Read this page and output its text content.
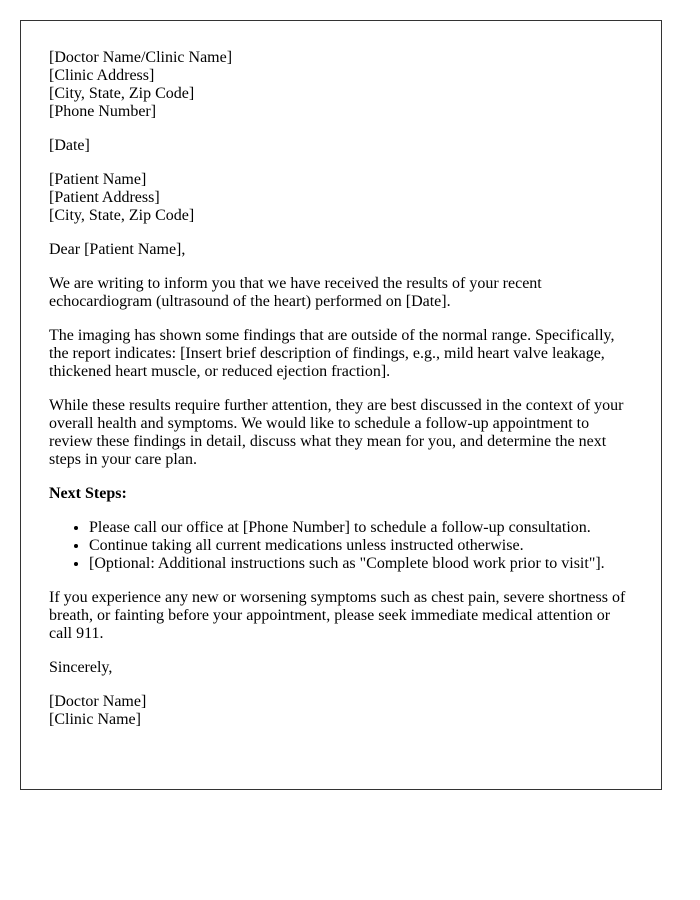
[Doctor Name/Clinic Name]
[Clinic Address]
[City, State, Zip Code]
[Phone Number]

[Date]

[Patient Name]
[Patient Address]
[City, State, Zip Code]

Dear [Patient Name],

We are writing to inform you that we have received the results of your recent echocardiogram (ultrasound of the heart) performed on [Date].

The imaging has shown some findings that are outside of the normal range. Specifically, the report indicates: [Insert brief description of findings, e.g., mild heart valve leakage, thickened heart muscle, or reduced ejection fraction].

While these results require further attention, they are best discussed in the context of your overall health and symptoms. We would like to schedule a follow-up appointment to review these findings in detail, discuss what they mean for you, and determine the next steps in your care plan.

Next Steps:

• Please call our office at [Phone Number] to schedule a follow-up consultation.
• Continue taking all current medications unless instructed otherwise.
• [Optional: Additional instructions such as "Complete blood work prior to visit"].

If you experience any new or worsening symptoms such as chest pain, severe shortness of breath, or fainting before your appointment, please seek immediate medical attention or call 911.

Sincerely,

[Doctor Name]
[Clinic Name]
